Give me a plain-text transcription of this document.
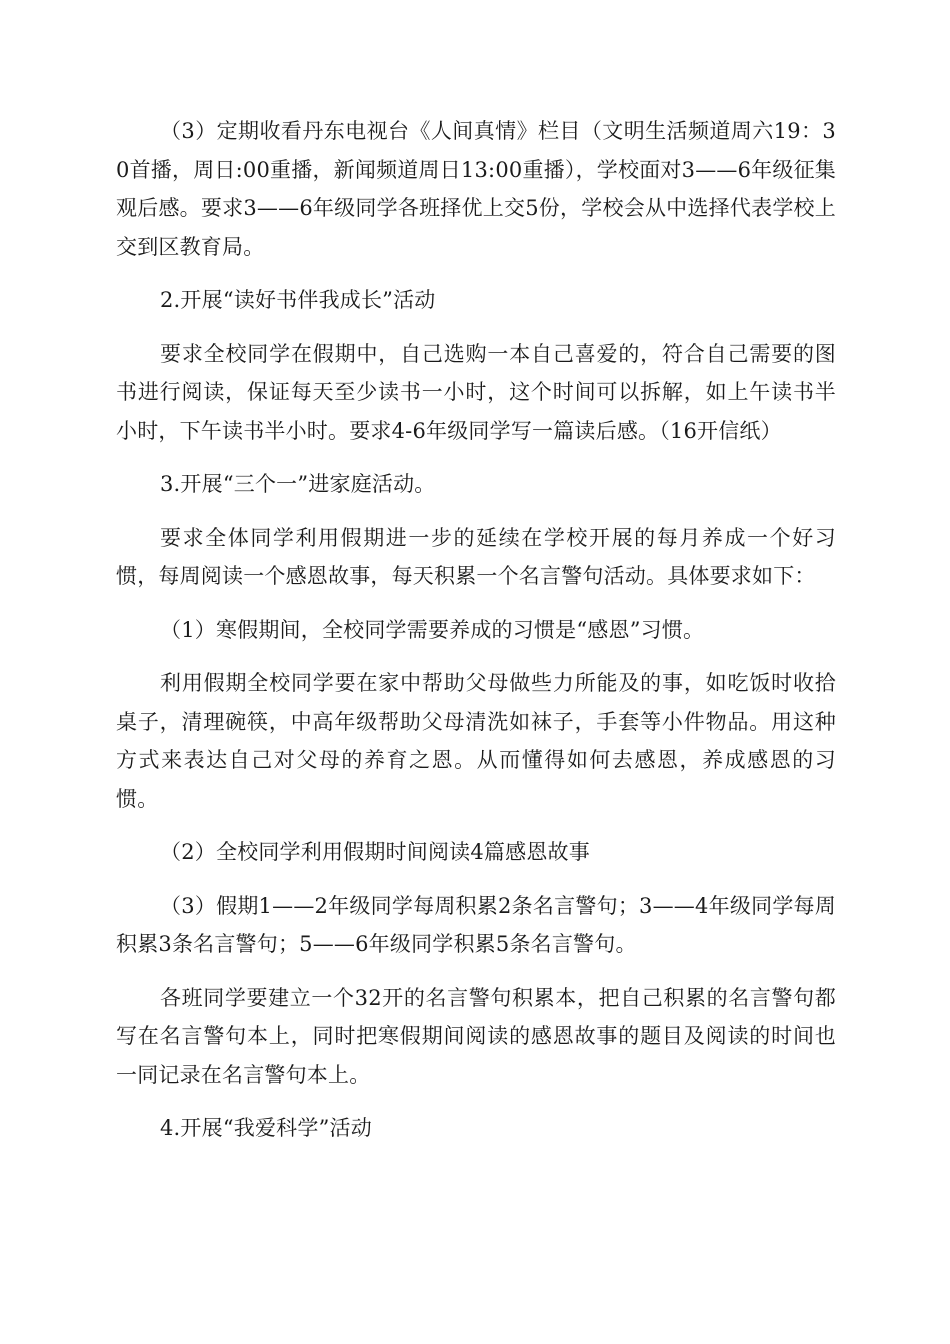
（3）定期收看丹东电视台《人间真情》栏目（文明生活频道周六19：30首播，周日:00重播，新闻频道周日13:00重播），学校面对3——6年级征集观后感。要求3——6年级同学各班择优上交5份，学校会从中选择代表学校上交到区教育局。

2.开展“读好书伴我成长”活动

要求全校同学在假期中，自己选购一本自己喜爱的，符合自己需要的图书进行阅读，保证每天至少读书一小时，这个时间可以拆解，如上午读书半小时，下午读书半小时。要求4-6年级同学写一篇读后感。（16开信纸）

3.开展“三个一”进家庭活动。

要求全体同学利用假期进一步的延续在学校开展的每月养成一个好习惯，每周阅读一个感恩故事，每天积累一个名言警句活动。具体要求如下：

（1）寒假期间，全校同学需要养成的习惯是“感恩”习惯。

利用假期全校同学要在家中帮助父母做些力所能及的事，如吃饭时收拾桌子，清理碗筷，中高年级帮助父母清洗如袜子，手套等小件物品。用这种方式来表达自己对父母的养育之恩。从而懂得如何去感恩，养成感恩的习惯。

（2）全校同学利用假期时间阅读4篇感恩故事

（3）假期1——2年级同学每周积累2条名言警句；3——4年级同学每周积累3条名言警句；5——6年级同学积累5条名言警句。

各班同学要建立一个32开的名言警句积累本，把自己积累的名言警句都写在名言警句本上，同时把寒假期间阅读的感恩故事的题目及阅读的时间也一同记录在名言警句本上。

4.开展“我爱科学”活动
